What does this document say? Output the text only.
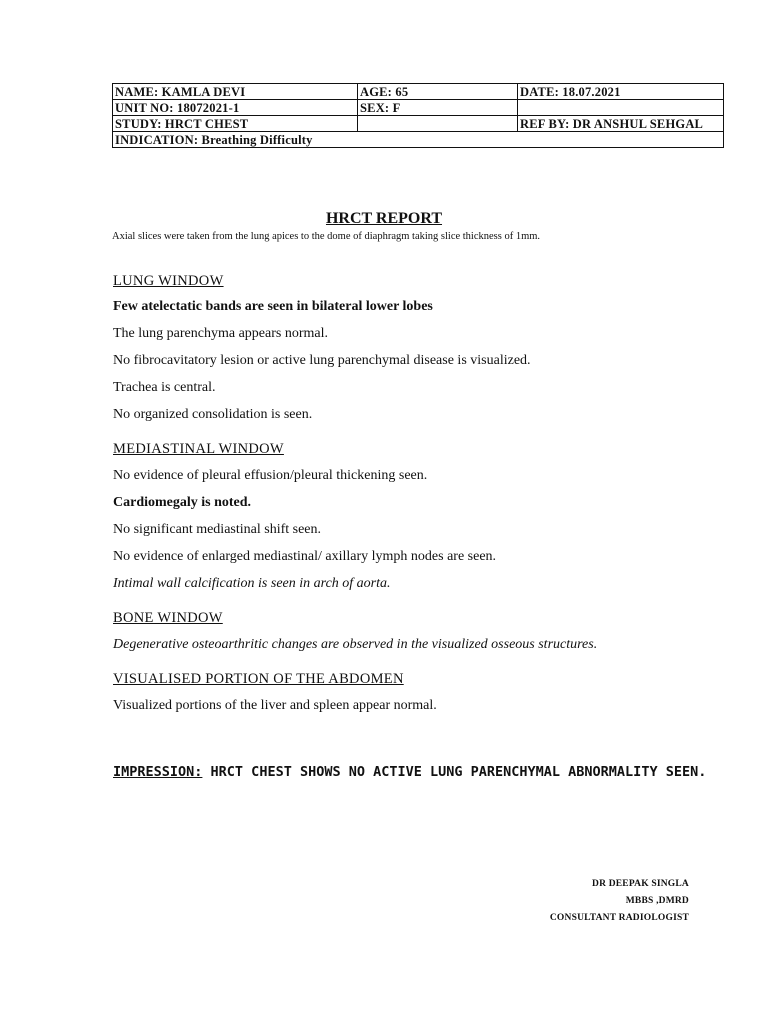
NAME: KAMLA DEVI	AGE: 65	DATE: 18.07.2021
UNIT NO: 18072021-1	SEX: F	
STUDY: HRCT CHEST		REF BY: DR ANSHUL SEHGAL
INDICATION: Breathing Difficulty		
HRCT REPORT
Axial slices were taken from the lung apices to the dome of diaphragm taking slice thickness of 1mm.
LUNG WINDOW
Few atelectatic bands are seen in bilateral lower lobes
The lung parenchyma appears normal.
No fibrocavitatory lesion or active lung parenchymal disease is visualized.
Trachea is central.
No organized consolidation is seen.
MEDIASTINAL WINDOW
No evidence of pleural effusion/pleural thickening seen.
Cardiomegaly is noted.
No significant mediastinal shift seen.
No evidence of enlarged mediastinal/ axillary lymph nodes are seen.
Intimal wall calcification is seen in arch of aorta.
BONE WINDOW
Degenerative osteoarthritic changes are observed in the visualized osseous structures.
VISUALISED PORTION OF THE ABDOMEN
Visualized portions of the liver and spleen appear normal.
IMPRESSION: HRCT CHEST SHOWS NO ACTIVE LUNG PARENCHYMAL ABNORMALITY SEEN.
DR DEEPAK SINGLA
MBBS ,DMRD
CONSULTANT RADIOLOGIST
